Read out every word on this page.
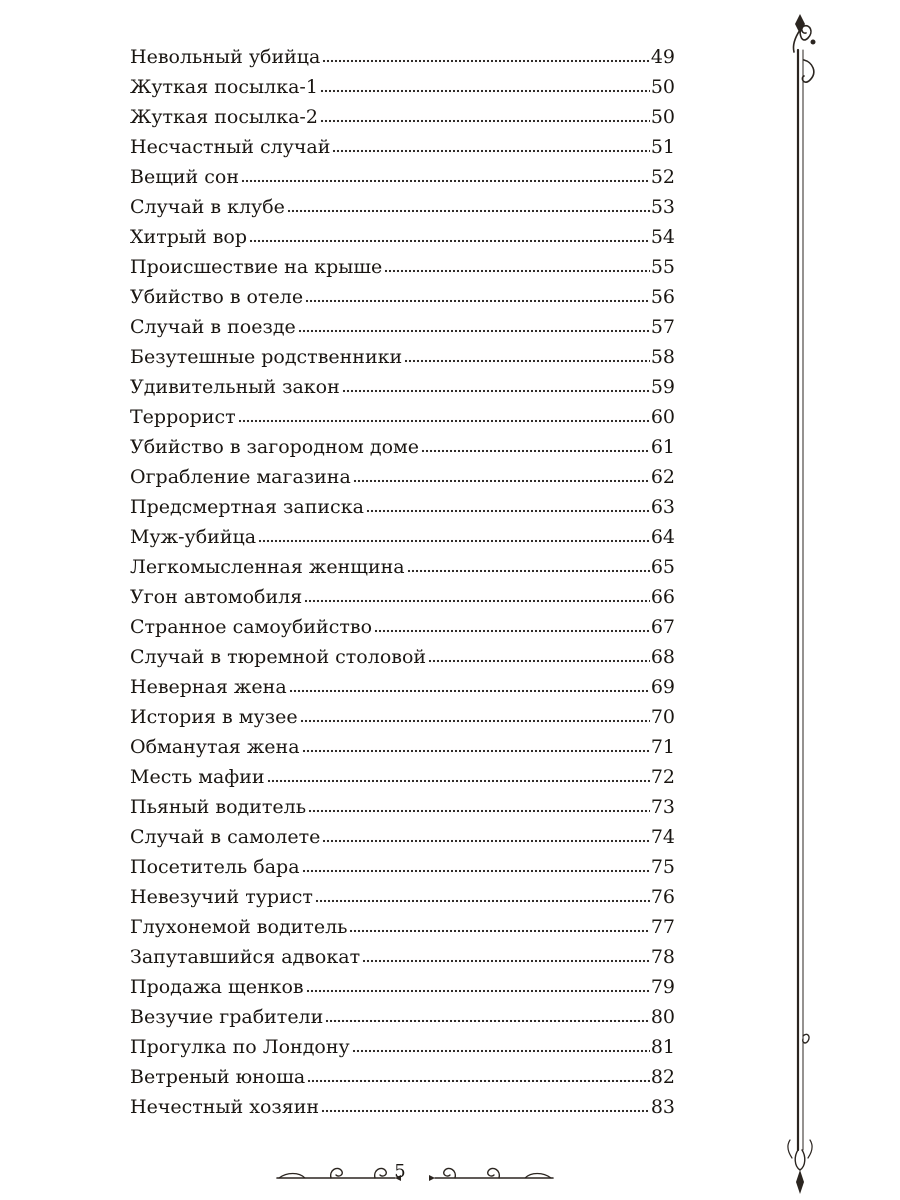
Невольный убийца	49
Жуткая посылка-1	50
Жуткая посылка-2	50
Несчастный случай	51
Вещий сон	52
Случай в клубе	53
Хитрый вор	54
Происшествие на крыше	55
Убийство в отеле	56
Случай в поезде	57
Безутешные родственники	58
Удивительный закон	59
Террорист	60
Убийство в загородном доме	61
Ограбление магазина	62
Предсмертная записка	63
Муж-убийца	64
Легкомысленная женщина	65
Угон автомобиля	66
Странное самоубийство	67
Случай в тюремной столовой	68
Неверная жена	69
История в музее	70
Обманутая жена	71
Месть мафии	72
Пьяный водитель	73
Случай в самолете	74
Посетитель бара	75
Невезучий турист	76
Глухонемой водитель	77
Запутавшийся адвокат	78
Продажа щенков	79
Везучие грабители	80
Прогулка по Лондону	81
Ветреный юноша	82
Нечестный хозяин	83
5
